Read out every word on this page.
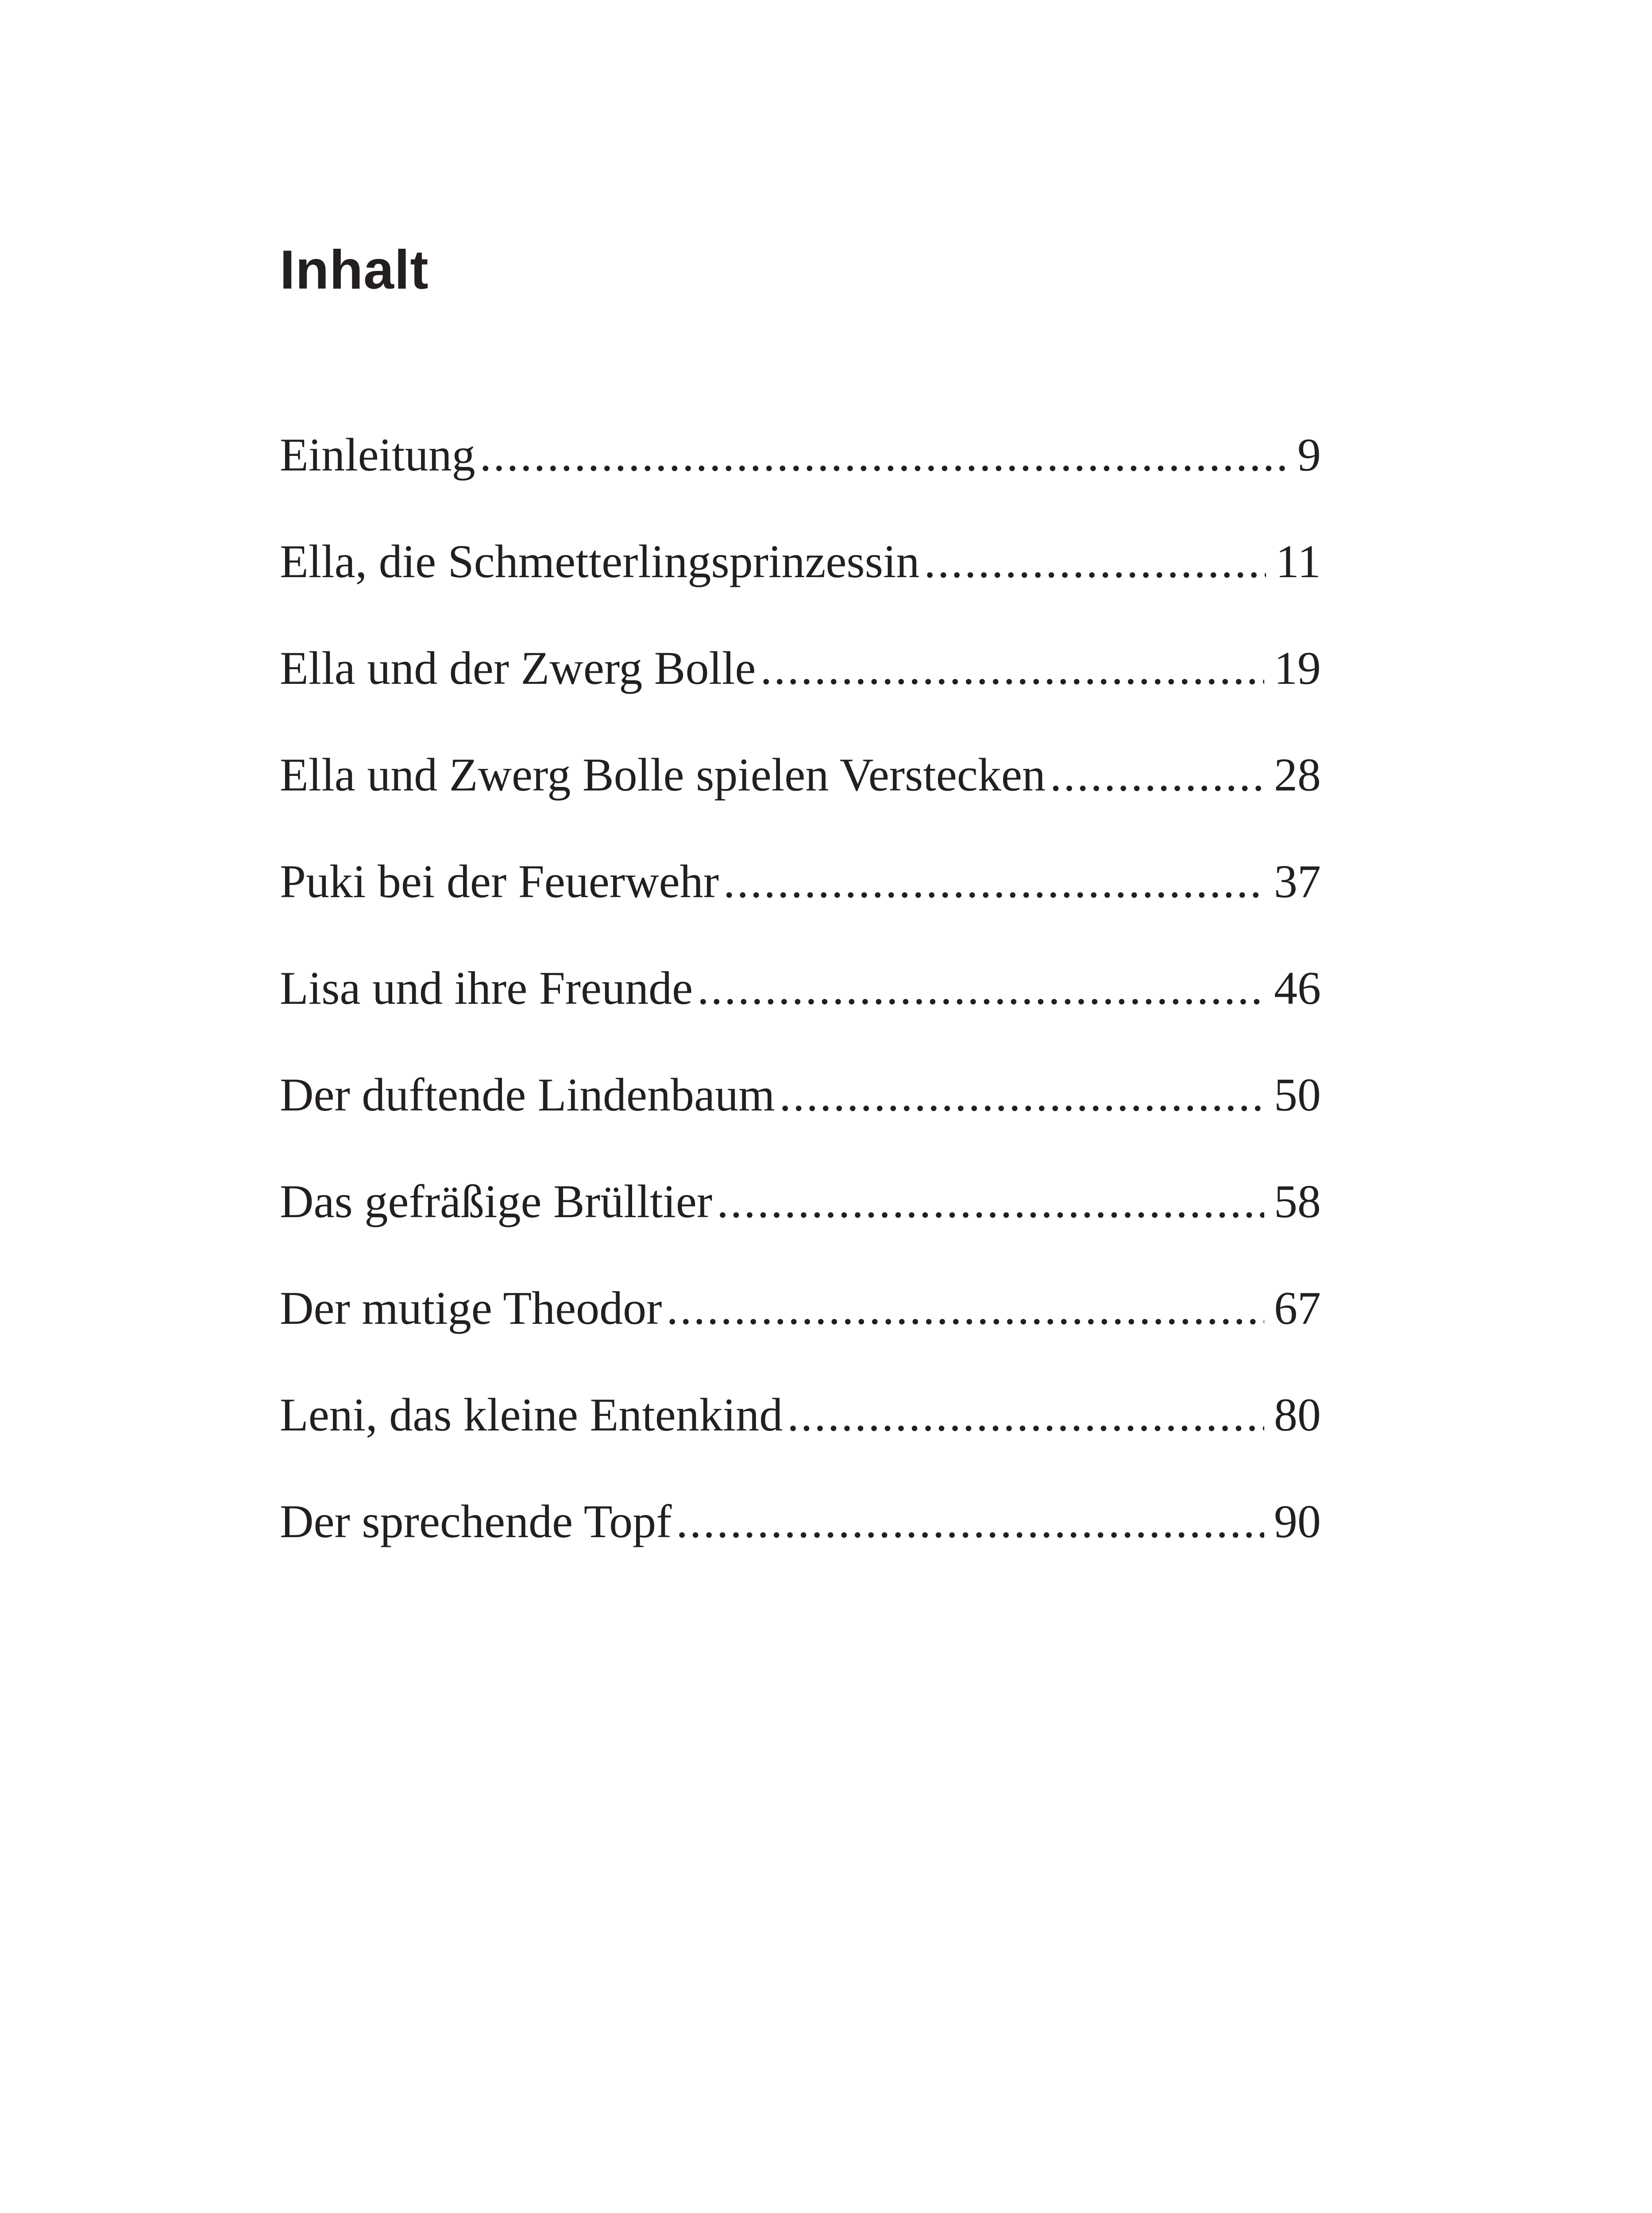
Inhalt
Einleitung .....	9
Ella, die Schmetterlingsprinzessin .....	11
Ella und der Zwerg Bolle .....	19
Ella und Zwerg Bolle spielen Verstecken .....	28
Puki bei der Feuerwehr .....	37
Lisa und ihre Freunde .....	46
Der duftende Lindenbaum .....	50
Das gefräßige Brülltier .....	58
Der mutige Theodor .....	67
Leni, das kleine Entenkind .....	80
Der sprechende Topf .....	90
